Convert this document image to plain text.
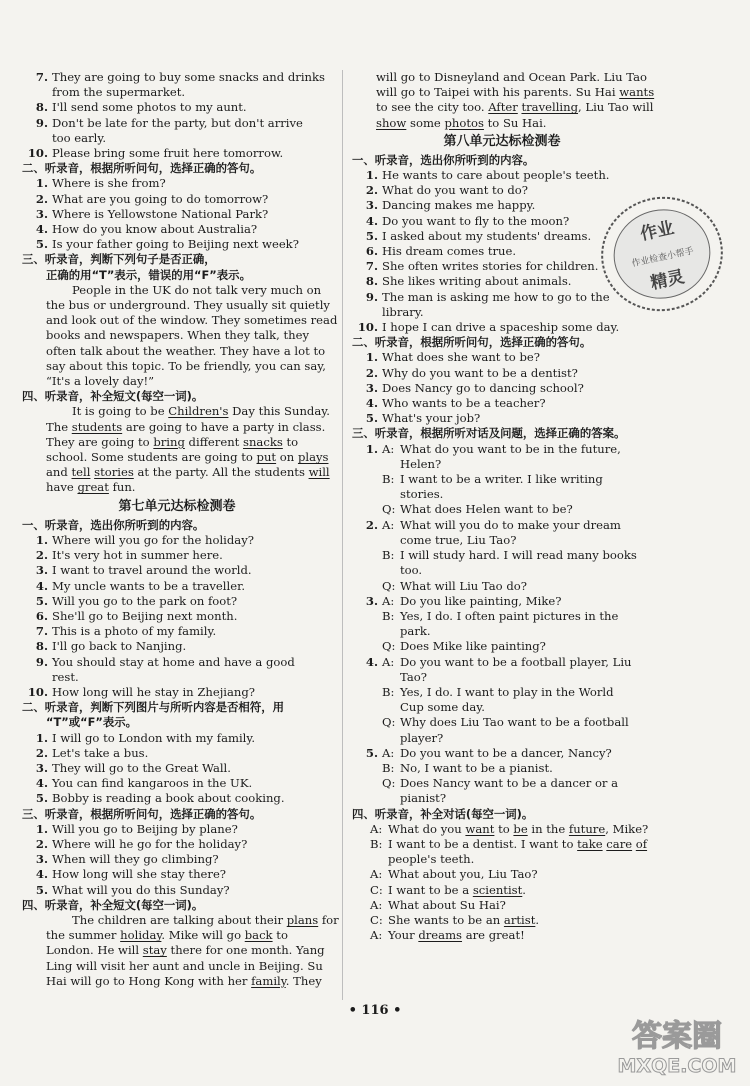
7. They are going to buy some snacks and drinks
from the supermarket.
8. I'll send some photos to my aunt.
9. Don't be late for the party, but don't arrive
too early.
10. Please bring some fruit here tomorrow.
二、听录音，根据所听问句，选择正确的答句。
1. Where is she from?
2. What are you going to do tomorrow?
3. Where is Yellowstone National Park?
4. How do you know about Australia?
5. Is your father going to Beijing next week?
三、听录音，判断下列句子是否正确，
正确的用“T”表示，错误的用“F”表示。
People in the UK do not talk very much on
the bus or underground. They usually sit quietly
and look out of the window. They sometimes read
books and newspapers. When they talk, they
often talk about the weather. They have a lot to
say about this topic. To be friendly, you can say,
“It's a lovely day!”
四、听录音，补全短文(每空一词)。
It is going to be Children's Day this Sunday.
The students are going to have a party in class.
They are going to bring different snacks to
school. Some students are going to put on plays
and tell stories at the party. All the students will
have great fun.
第七单元达标检测卷
一、听录音，选出你所听到的内容。
1. Where will you go for the holiday?
2. It's very hot in summer here.
3. I want to travel around the world.
4. My uncle wants to be a traveller.
5. Will you go to the park on foot?
6. She'll go to Beijing next month.
7. This is a photo of my family.
8. I'll go back to Nanjing.
9. You should stay at home and have a good
rest.
10. How long will he stay in Zhejiang?
二、听录音，判断下列图片与所听内容是否相符，用
“T”或“F”表示。
1. I will go to London with my family.
2. Let's take a bus.
3. They will go to the Great Wall.
4. You can find kangaroos in the UK.
5. Bobby is reading a book about cooking.
三、听录音，根据所听问句，选择正确的答句。
1. Will you go to Beijing by plane?
2. Where will he go for the holiday?
3. When will they go climbing?
4. How long will she stay there?
5. What will you do this Sunday?
四、听录音，补全短文(每空一词)。
The children are talking about their plans for
the summer holiday. Mike will go back to
London. He will stay there for one month. Yang
Ling will visit her aunt and uncle in Beijing. Su
Hai will go to Hong Kong with her family. They
will go to Disneyland and Ocean Park. Liu Tao
will go to Taipei with his parents. Su Hai wants
to see the city too. After travelling, Liu Tao will
show some photos to Su Hai.
第八单元达标检测卷
一、听录音，选出你所听到的内容。
1. He wants to care about people's teeth.
2. What do you want to do?
3. Dancing makes me happy.
4. Do you want to fly to the moon?
5. I asked about my students' dreams.
6. His dream comes true.
7. She often writes stories for children.
8. She likes writing about animals.
9. The man is asking me how to go to the
library.
10. I hope I can drive a spaceship some day.
二、听录音，根据所听问句，选择正确的答句。
1. What does she want to be?
2. Why do you want to be a dentist?
3. Does Nancy go to dancing school?
4. Who wants to be a teacher?
5. What's your job?
三、听录音，根据所听对话及问题，选择正确的答案。
1. A: What do you want to be in the future,
Helen?
B: I want to be a writer. I like writing
stories.
Q: What does Helen want to be?
2. A: What will you do to make your dream
come true, Liu Tao?
B: I will study hard. I will read many books
too.
Q: What will Liu Tao do?
3. A: Do you like painting, Mike?
B: Yes, I do. I often paint pictures in the
park.
Q: Does Mike like painting?
4. A: Do you want to be a football player, Liu
Tao?
B: Yes, I do. I want to play in the World
Cup some day.
Q: Why does Liu Tao want to be a football
player?
5. A: Do you want to be a dancer, Nancy?
B: No, I want to be a pianist.
Q: Does Nancy want to be a dancer or a
pianist?
四、听录音，补全对话(每空一词)。
A: What do you want to be in the future, Mike?
B: I want to be a dentist. I want to take care of
people's teeth.
A: What about you, Liu Tao?
C: I want to be a scientist.
A: What about Su Hai?
C: She wants to be an artist.
A: Your dreams are great!
作业
作业检查小帮手
精灵
• 116 •
答案圈
MXQE.COM
